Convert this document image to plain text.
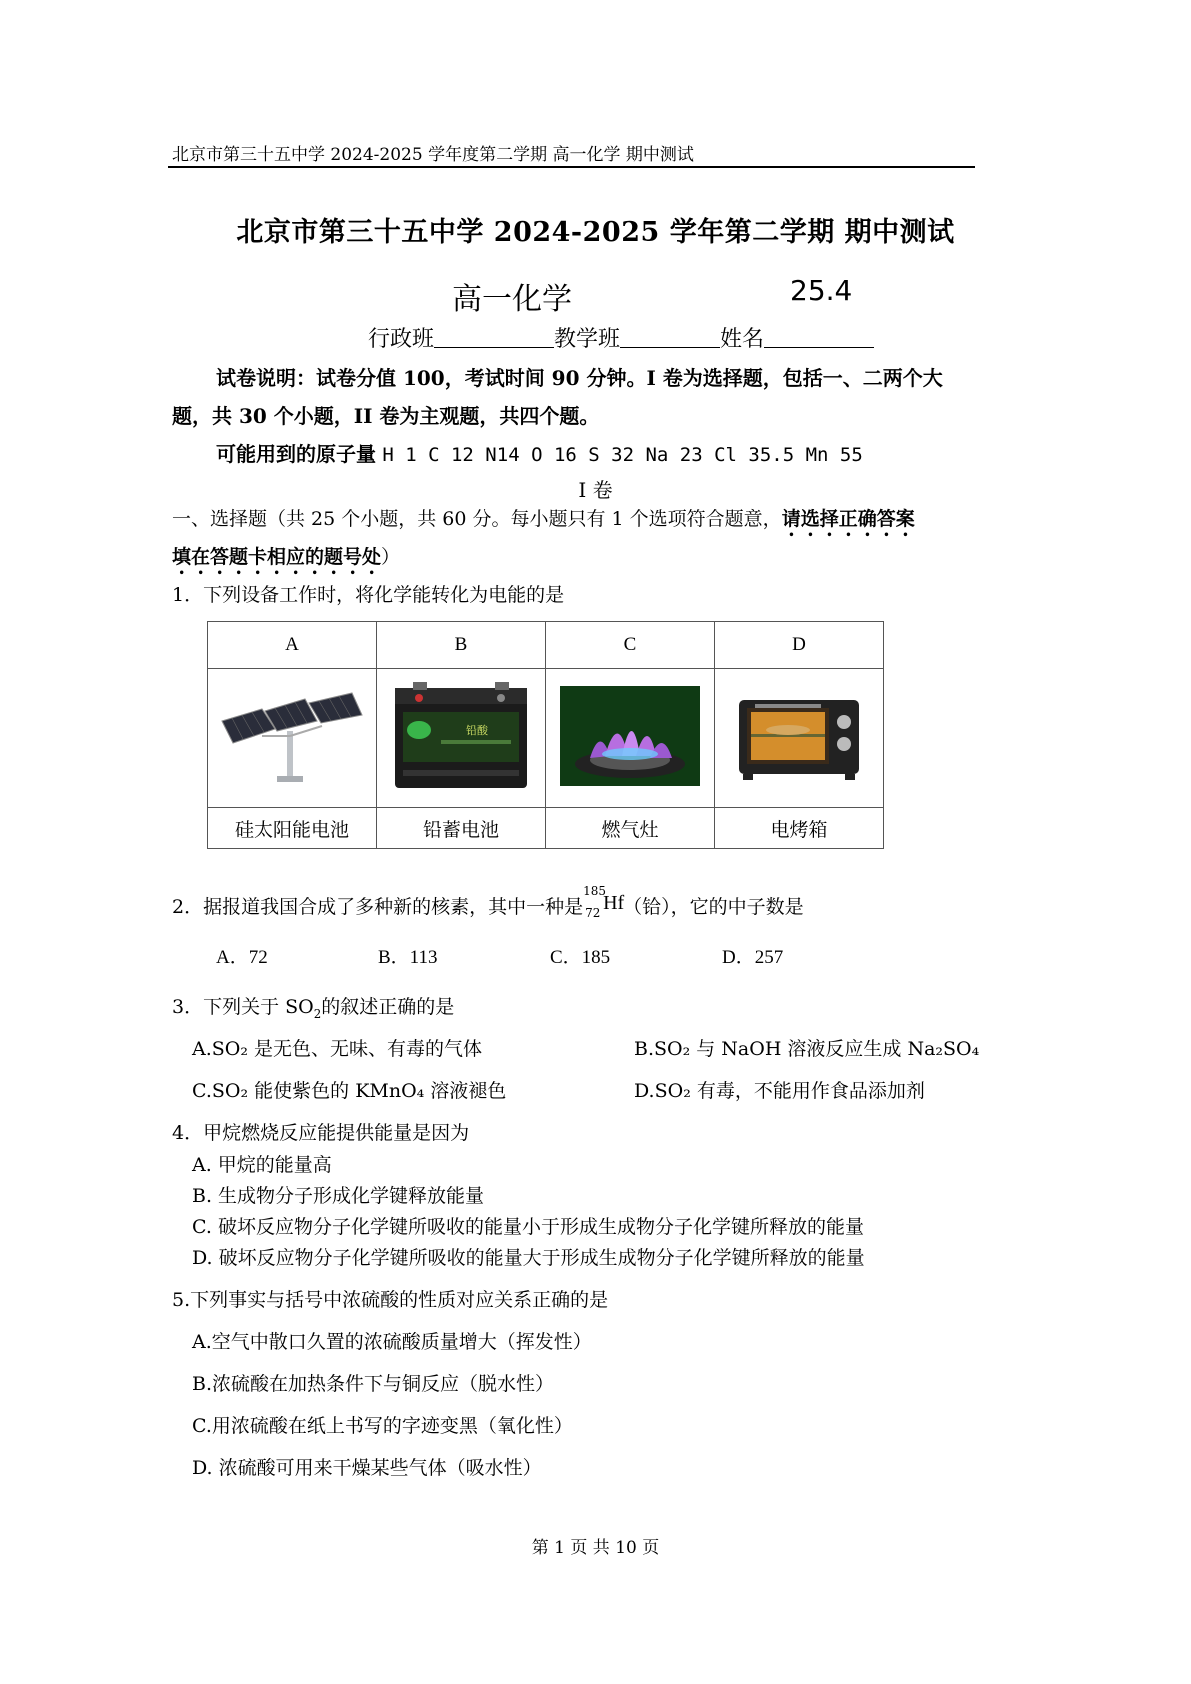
北京市第三十五中学 2024-2025 学年度第二学期 高一化学 期中测试
北京市第三十五中学 2024-2025 学年第二学期 期中测试
高一化学	25.4
行政班	教学班	姓名
试卷说明：试卷分值 100，考试时间 90 分钟。I 卷为选择题，包括一、二两个大
题，共 30 个小题，II 卷为主观题，共四个题。
可能用到的原子量 H 1 C 12 N14 O 16 S 32 Na 23 Cl 35.5 Mn 55
I 卷
一、选择题（共 25 个小题，共 60 分。每小题只有 1 个选项符合题意，请选择正确答案
填在答题卡相应的题号处）
1．下列设备工作时，将化学能转化为电能的是
A	B	C	D

铅酸

硅太阳能电池	铅蓄电池	燃气灶	电烤箱
2．据报道我国合成了多种新的核素，其中一种是
185
72 Hf
（铪），它的中子数是
A．72	B．113	C．185	D．257
3．下列关于 $SO_2$的叙述正确的是
A.SO₂ 是无色、无味、有毒的气体	B.SO₂ 与 NaOH 溶液反应生成 Na₂SO₄
C.SO₂ 能使紫色的 KMnO₄ 溶液褪色	D.SO₂ 有毒，不能用作食品添加剂
4．甲烷燃烧反应能提供能量是因为
A. 甲烷的能量高
B. 生成物分子形成化学键释放能量
C. 破坏反应物分子化学键所吸收的能量小于形成生成物分子化学键所释放的能量
D. 破坏反应物分子化学键所吸收的能量大于形成生成物分子化学键所释放的能量
5.下列事实与括号中浓硫酸的性质对应关系正确的是
A.空气中散口久置的浓硫酸质量增大（挥发性）
B.浓硫酸在加热条件下与铜反应（脱水性）
C.用浓硫酸在纸上书写的字迹变黑（氧化性）
D. 浓硫酸可用来干燥某些气体（吸水性）
第 1 页 共 10 页
